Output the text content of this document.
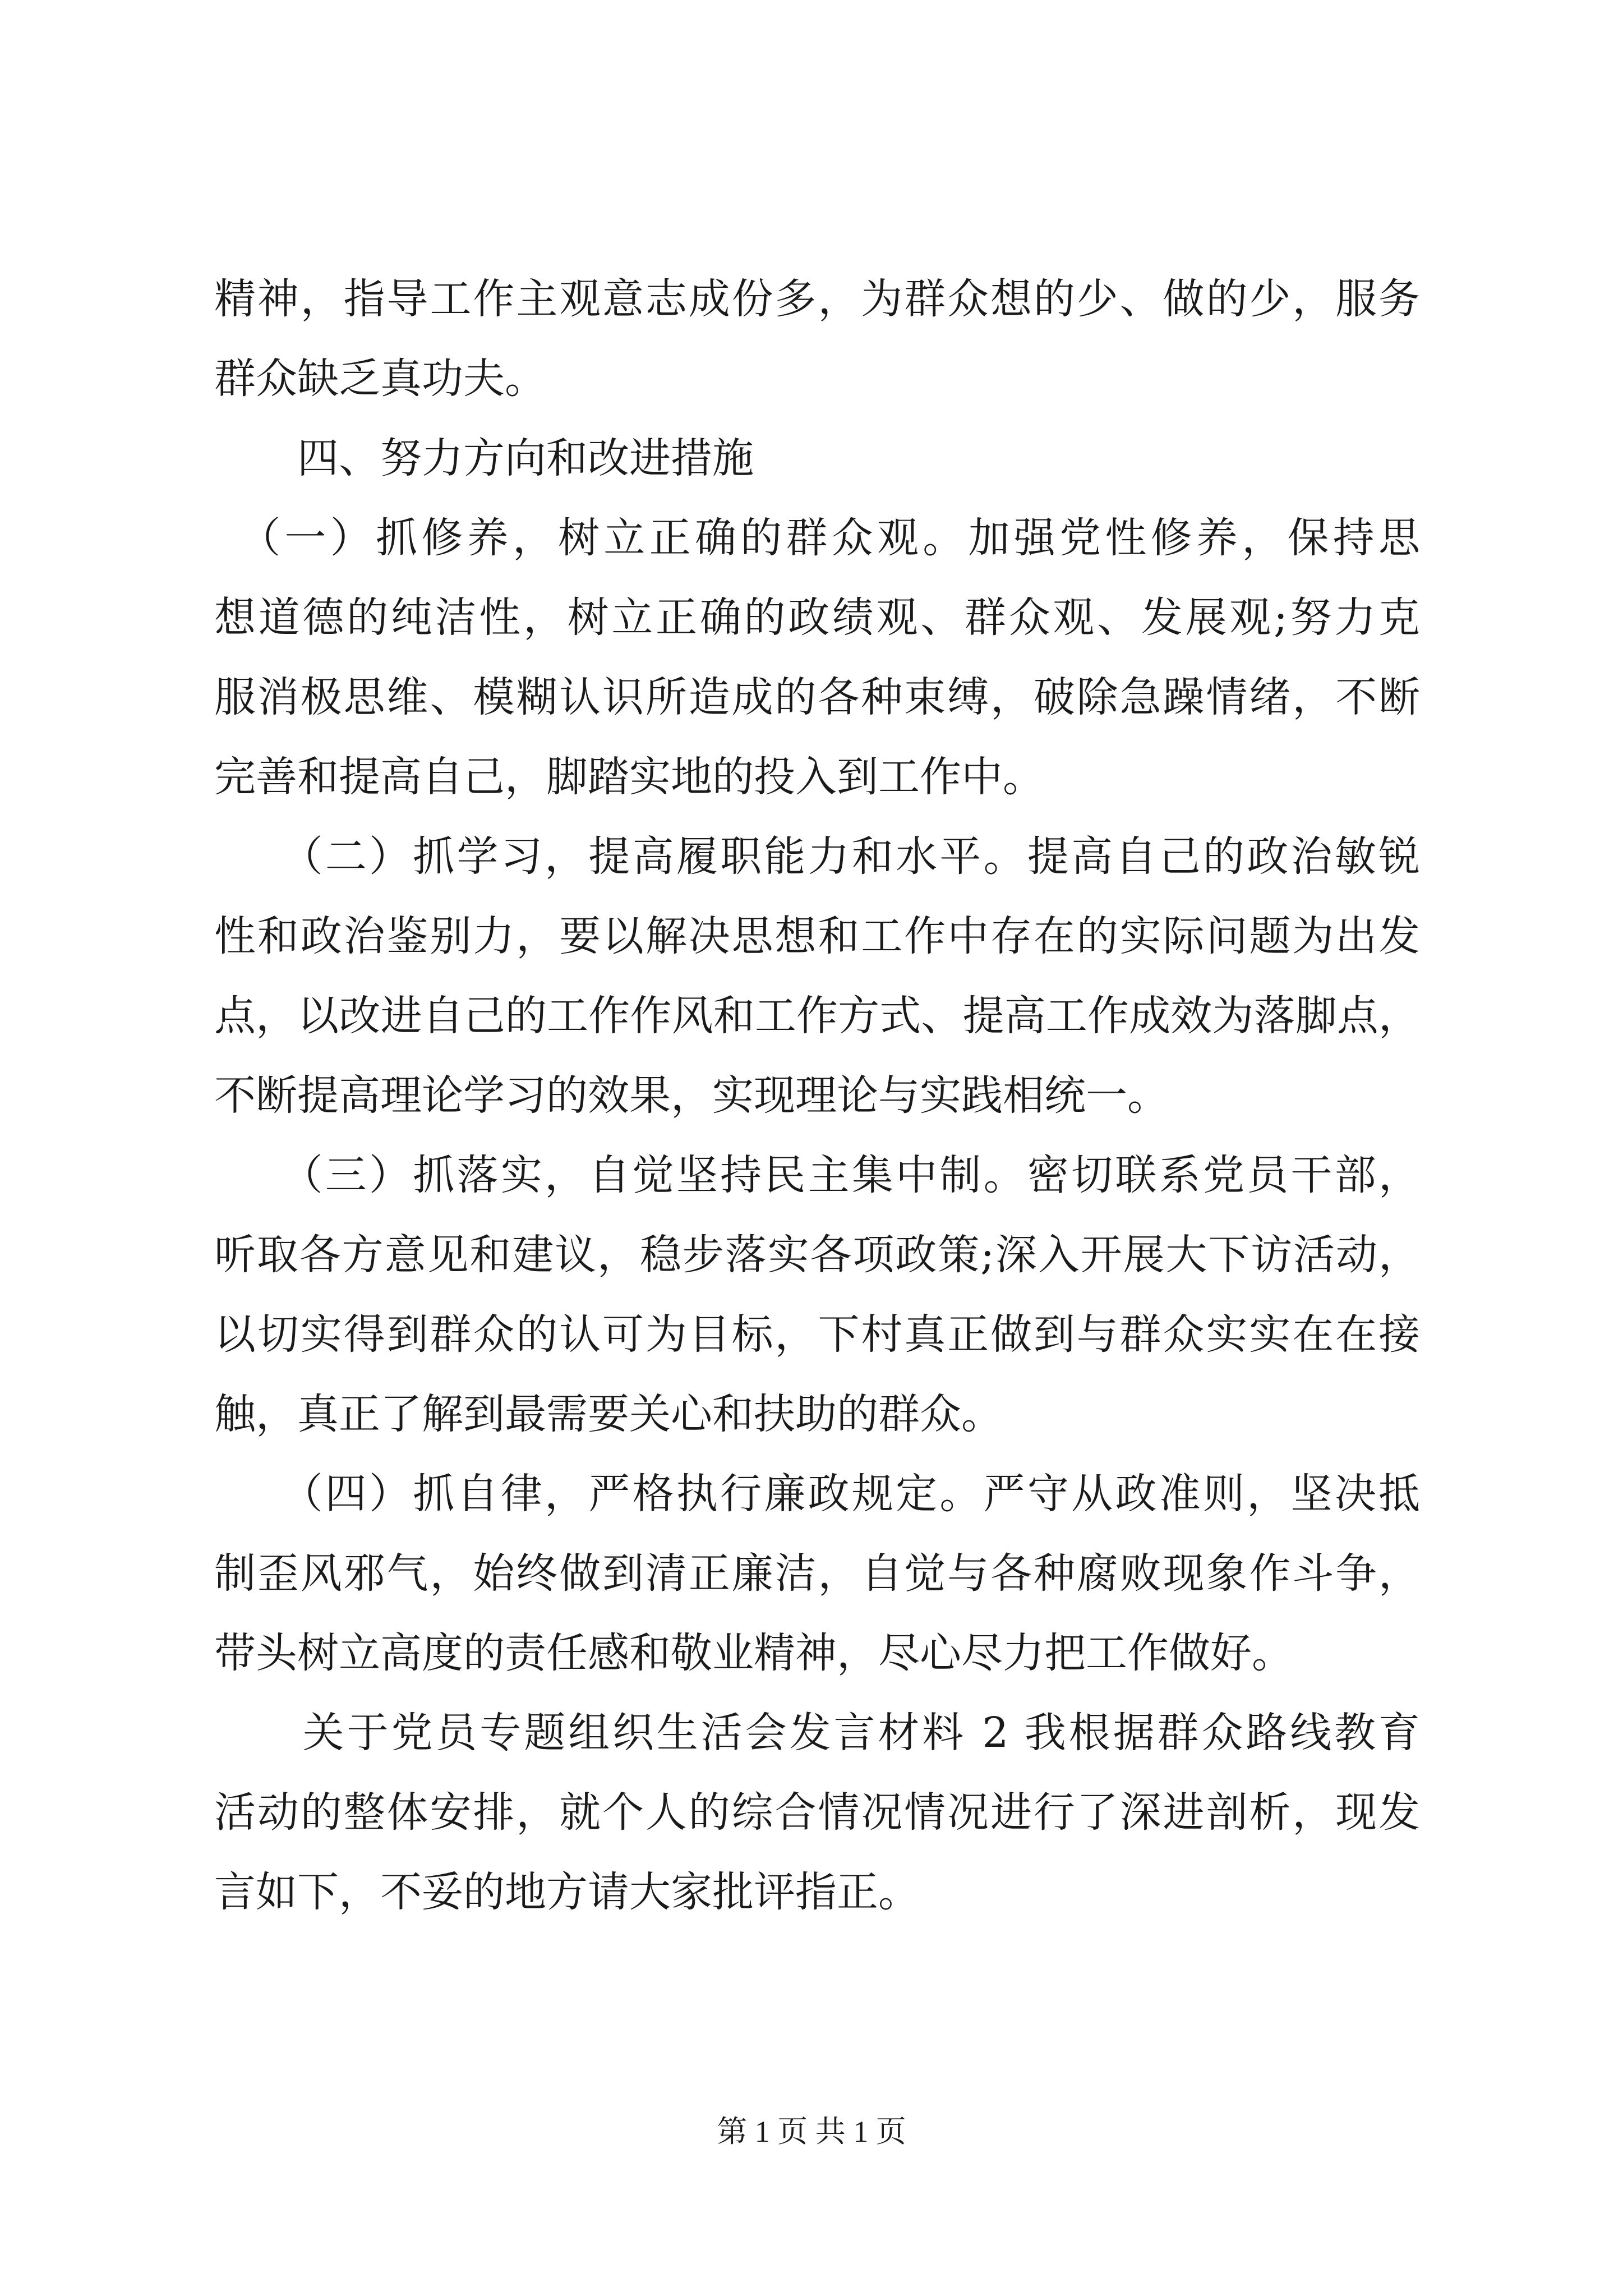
精神，指导工作主观意志成份多，为群众想的少、做的少，服务
群众缺乏真功夫。
　　四、努力方向和改进措施
　（一）抓修养，树立正确的群众观。加强党性修养，保持思
想道德的纯洁性，树立正确的政绩观、群众观、发展观;努力克
服消极思维、模糊认识所造成的各种束缚，破除急躁情绪，不断
完善和提高自己，脚踏实地的投入到工作中。
　　（二）抓学习，提高履职能力和水平。提高自己的政治敏锐
性和政治鉴别力，要以解决思想和工作中存在的实际问题为出发
点，以改进自己的工作作风和工作方式、提高工作成效为落脚点，
不断提高理论学习的效果，实现理论与实践相统一。
　　（三）抓落实，自觉坚持民主集中制。密切联系党员干部，
听取各方意见和建议，稳步落实各项政策;深入开展大下访活动，
以切实得到群众的认可为目标，下村真正做到与群众实实在在接
触，真正了解到最需要关心和扶助的群众。
　　（四）抓自律，严格执行廉政规定。严守从政准则，坚决抵
制歪风邪气，始终做到清正廉洁，自觉与各种腐败现象作斗争，
带头树立高度的责任感和敬业精神，尽心尽力把工作做好。
　　关于党员专题组织生活会发言材料 2 我根据群众路线教育
活动的整体安排，就个人的综合情况情况进行了深进剖析，现发
言如下，不妥的地方请大家批评指正。
第 1 页 共 1 页
